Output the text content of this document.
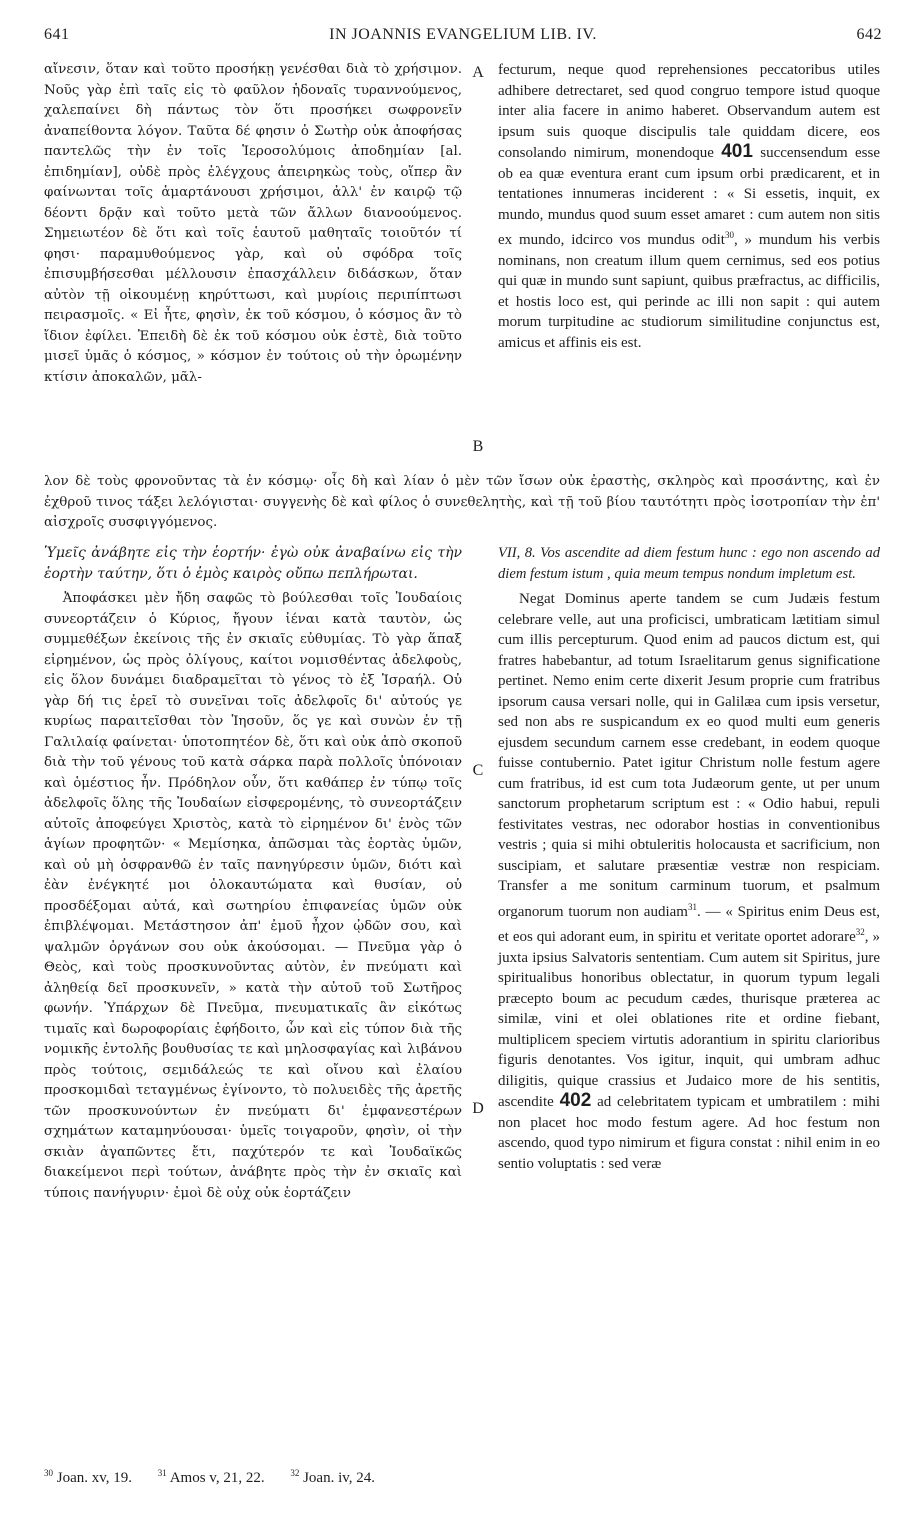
641	IN JOANNIS EVANGELIUM LIB. IV.	642

αἴνεσιν, ὅταν καὶ τοῦτο προσήκῃ γενέσθαι διὰ τὸ χρήσιμον. Νοῦς γὰρ ἐπὶ ταῖς εἰς τὸ φαῦλον ἡδοναῖς τυραννούμενος, χαλεπαίνει δὴ πάντως τὸν ὅτι προσήκει σωφρονεῖν ἀναπείθοντα λόγον. Ταῦτα δέ φησιν ὁ Σωτὴρ οὐκ ἀποφήσας παντελῶς τὴν ἐν τοῖς Ἱεροσολύμοις ἀποδημίαν [al. ἐπιδημίαν], οὐδὲ πρὸς ἐλέγχους ἀπειρηκὼς τοὺς, οἵπερ ἂν φαίνωνται τοῖς ἁμαρτάνουσι χρήσιμοι, ἀλλ' ἐν καιρῷ τῷ δέοντι δρᾷν καὶ τοῦτο μετὰ τῶν ἄλλων διανοούμενος. Σημειωτέον δὲ ὅτι καὶ τοῖς ἑαυτοῦ μαθηταῖς τοιοῦτόν τί φησι· παραμυθούμενος γὰρ, καὶ οὐ σφόδρα τοῖς ἐπισυμβήσεσθαι μέλλουσιν ἐπασχάλλειν διδάσκων, ὅταν αὐτὸν τῇ οἰκουμένῃ κηρύττωσι, καὶ μυρίοις περιπίπτωσι πειρασμοῖς. « Εἰ ἦτε, φησὶν, ἐκ τοῦ κόσμου, ὁ κόσμος ἂν τὸ ἴδιον ἐφίλει. Ἐπειδὴ δὲ ἐκ τοῦ κόσμου οὐκ ἐστὲ, διὰ τοῦτο μισεῖ ὑμᾶς ὁ κόσμος, » κόσμον ἐν τούτοις οὐ τὴν ὁρωμένην κτίσιν ἀποκαλῶν, μᾶλ-

fecturum, neque quod reprehensiones peccatoribus utiles adhibere detrectaret, sed quod congruo tempore istud quoque inter alia facere in animo haberet. Observandum autem est ipsum suis quoque discipulis tale quiddam dicere, eos consolando nimirum, monendoque 401 succensendum esse ob ea quæ eventura erant cum ipsum orbi prædicarent, et in tentationes innumeras inciderent : « Si essetis, inquit, ex mundo, mundus quod suum esset amaret : cum autem non sitis ex mundo, idcirco vos mundus odit$^{30}$, » mundum his verbis nominans, non creatum illum quem cernimus, sed eos potius qui quæ in mundo sunt sapiunt, quibus præfractus, ac difficilis, et hostis loco est, qui perinde ac illi non sapit : qui autem morum turpitudine ac studiorum similitudine conjunctus est, amicus et affinis eis est.

λον δὲ τοὺς φρονοῦντας τὰ ἐν κόσμῳ· οἷς δὴ καὶ λίαν ὁ μὲν τῶν ἴσων οὐκ ἐραστὴς, σκληρὸς καὶ προσάντης, καὶ ἐν ἐχθροῦ τινος τάξει λελόγισται· συγγενὴς δὲ καὶ φίλος ὁ συνεθελητὴς, καὶ τῇ τοῦ βίου ταυτότητι πρὸς ἰσοτροπίαν τὴν ἐπ' αἰσχροῖς συσφιγγόμενος.

Ὑμεῖς ἀνάβητε εἰς τὴν ἑορτήν· ἐγὼ οὐκ ἀναβαίνω εἰς τὴν ἑορτὴν ταύτην, ὅτι ὁ ἐμὸς καιρὸς οὔπω πεπλήρωται.

Ἀποφάσκει μὲν ἤδη σαφῶς τὸ βούλεσθαι τοῖς Ἰουδαίοις συνεορτάζειν ὁ Κύριος, ἤγουν ἰέναι κατὰ ταυτὸν, ὡς συμμεθέξων ἐκείνοις τῆς ἐν σκιαῖς εὐθυμίας. Τὸ γὰρ ἅπαξ εἰρημένον, ὡς πρὸς ὀλίγους, καίτοι νομισθέντας ἀδελφοὺς, εἰς ὅλον δυνάμει διαδραμεῖται τὸ γένος τὸ ἐξ Ἰσραήλ. Οὐ γὰρ δή τις ἐρεῖ τὸ συνεῖναι τοῖς ἀδελφοῖς δι' αὐτούς γε κυρίως παραιτεῖσθαι τὸν Ἰησοῦν, ὅς γε καὶ συνὼν ἐν τῇ Γαλιλαίᾳ φαίνεται· ὑποτοπητέον δὲ, ὅτι καὶ οὐκ ἀπὸ σκοποῦ διὰ τὴν τοῦ γένους τοῦ κατὰ σάρκα παρὰ πολλοῖς ὑπόνοιαν καὶ ὁμέστιος ἦν. Πρόδηλον οὖν, ὅτι καθάπερ ἐν τύπῳ τοῖς ἀδελφοῖς ὅλης τῆς Ἰουδαίων εἰσφερομένης, τὸ συνεορτάζειν αὐτοῖς ἀποφεύγει Χριστὸς, κατὰ τὸ εἰρημένον δι' ἑνὸς τῶν ἁγίων προφητῶν· « Μεμίσηκα, ἀπῶσμαι τὰς ἑορτὰς ὑμῶν, καὶ οὐ μὴ ὀσφρανθῶ ἐν ταῖς πανηγύρεσιν ὑμῶν, διότι καὶ ἐὰν ἐνέγκητέ μοι ὁλοκαυτώματα καὶ θυσίαν, οὐ προσδέξομαι αὐτά, καὶ σωτηρίου ἐπιφανείας ὑμῶν οὐκ ἐπιβλέψομαι. Μετάστησον ἀπ' ἐμοῦ ἦχον ᾠδῶν σου, καὶ ψαλμῶν ὀργάνων σου οὐκ ἀκούσομαι. — Πνεῦμα γὰρ ὁ Θεὸς, καὶ τοὺς προσκυνοῦντας αὐτὸν, ἐν πνεύματι καὶ ἀληθείᾳ δεῖ προσκυνεῖν, » κατὰ τὴν αὐτοῦ τοῦ Σωτῆρος φωνήν. Ὑπάρχων δὲ Πνεῦμα, πνευματικαῖς ἂν εἰκότως τιμαῖς καὶ δωροφορίαις ἐφήδοιτο, ὧν καὶ εἰς τύπον διὰ τῆς νομικῆς ἐντολῆς βουθυσίας τε καὶ μηλοσφαγίας καὶ λιβάνου πρὸς τούτοις, σεμιδάλεώς τε καὶ οἴνου καὶ ἐλαίου προσκομιδαὶ τεταγμένως ἐγίνοντο, τὸ πολυειδὲς τῆς ἀρετῆς τῶν προσκυνούντων ἐν πνεύματι δι' ἐμφανεστέρων σχημάτων καταμηνύουσαι· ὑμεῖς τοιγαροῦν, φησὶν, οἱ τὴν σκιὰν ἀγαπῶντες ἔτι, παχύτερόν τε καὶ Ἰουδαϊκῶς διακείμενοι περὶ τούτων, ἀνάβητε πρὸς τὴν ἐν σκιαῖς καὶ τύποις πανήγυριν· ἐμοὶ δὲ οὐχ οὐκ ἑορτάζειν

VII, 8. Vos ascendite ad diem festum hunc : ego non ascendo ad diem festum istum , quia meum tempus nondum impletum est.

Negat Dominus aperte tandem se cum Judæis festum celebrare velle, aut una proficisci, umbraticam lætitiam simul cum illis percepturum. Quod enim ad paucos dictum est, qui fratres habebantur, ad totum Israelitarum genus significatione pertinet. Nemo enim certe dixerit Jesum proprie cum fratribus ipsorum causa versari nolle, qui in Galilæa cum ipsis versetur, sed non abs re suspicandum ex eo quod multi eum generis ejusdem secundum carnem esse credebant, in eodem quoque fuisse contubernio. Patet igitur Christum nolle festum agere cum fratribus, id est cum tota Judæorum gente, ut per unum sanctorum prophetarum scriptum est : « Odio habui, repuli festivitates vestras, nec odorabor hostias in conventionibus vestris ; quia si mihi obtuleritis holocausta et sacrificium, non suscipiam, et salutare præsentiæ vestræ non respiciam. Transfer a me sonitum carminum tuorum, et psalmum organorum tuorum non audiam$^{31}$. — « Spiritus enim Deus est, et eos qui adorant eum, in spiritu et veritate oportet adorare$^{32}$, » juxta ipsius Salvatoris sententiam. Cum autem sit Spiritus, jure spiritualibus honoribus oblectatur, in quorum typum legali præcepto boum ac pecudum cædes, thurisque præterea ac similæ, vini et olei oblationes rite et ordine fiebant, multiplicem speciem virtutis adorantium in spiritu clarioribus figuris denotantes. Vos igitur, inquit, qui umbram adhuc diligitis, quique crassius et Judaico more de his sentitis, ascendite 402 ad celebritatem typicam et umbratilem : mihi non placet hoc modo festum agere. Ad hoc festum non ascendo, quod typo nimirum et figura constat : nihil enim in eo sentio voluptatis : sed veræ

A
B
C
D
$^{30}$ Joan. xv, 19.	$^{31}$ Amos v, 21, 22.	$^{32}$ Joan. iv, 24.
